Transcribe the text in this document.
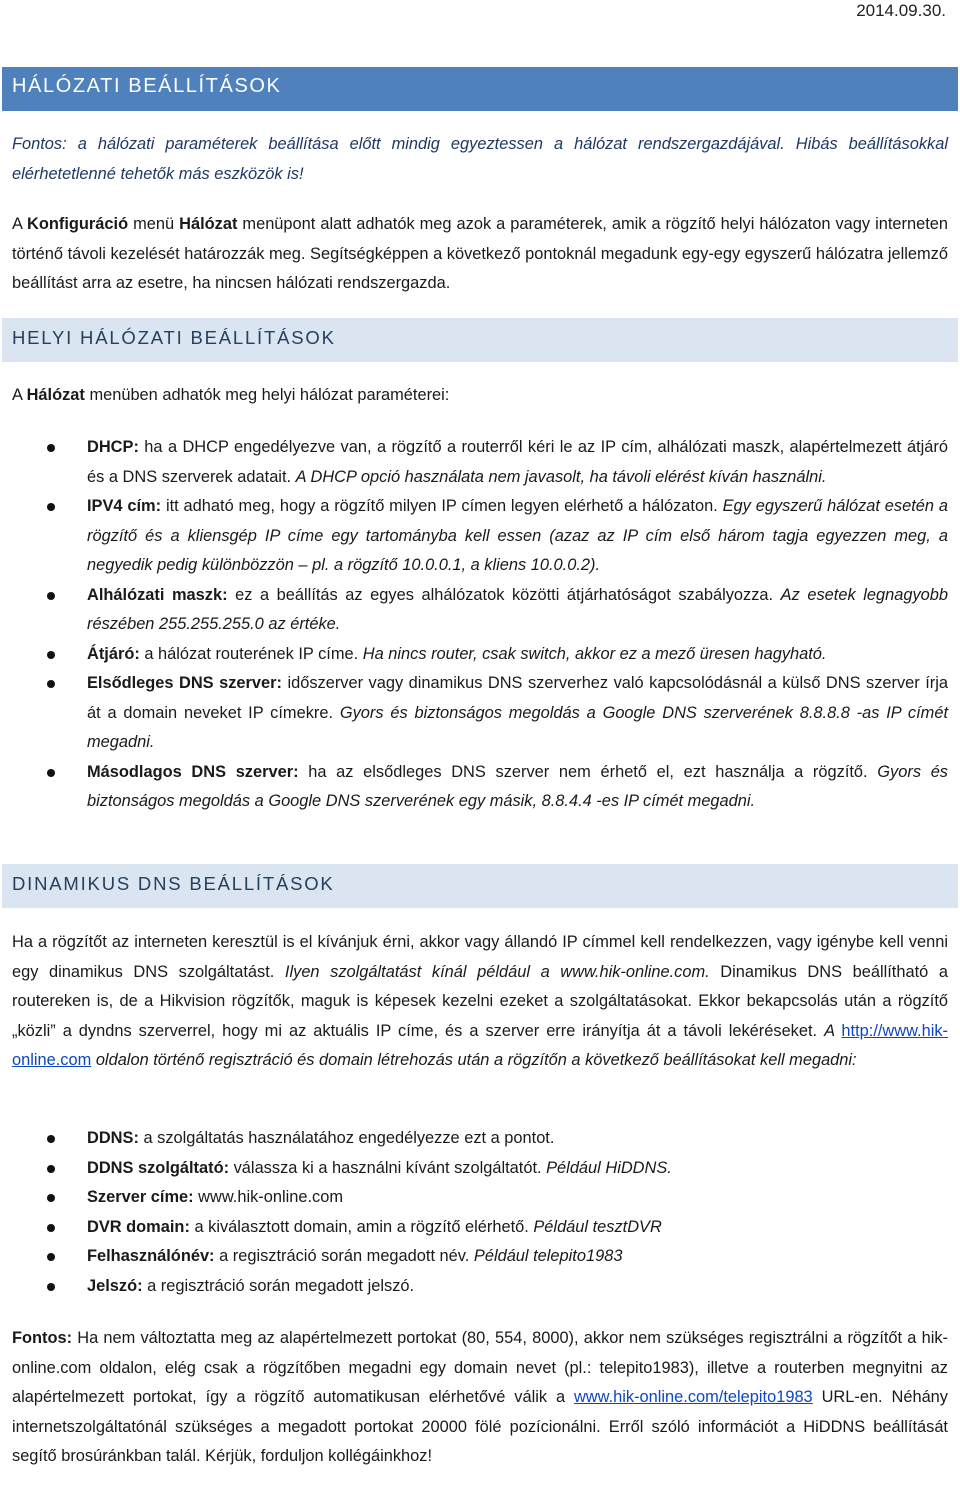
2014.09.30.
HÁLÓZATI BEÁLLÍTÁSOK

Fontos: a hálózati paraméterek beállítása előtt mindig egyeztessen a hálózat rendszergazdájával. Hibás beállításokkal elérhetetlenné tehetők más eszközök is!

A Konfiguráció menü Hálózat menüpont alatt adhatók meg azok a paraméterek, amik a rögzítő helyi hálózaton vagy interneten történő távoli kezelését határozzák meg. Segítségképpen a következő pontoknál megadunk egy-egy egyszerű hálózatra jellemző beállítást arra az esetre, ha nincsen hálózati rendszergazda.

HELYI HÁLÓZATI BEÁLLÍTÁSOK

A Hálózat menüben adhatók meg helyi hálózat paraméterei:

DHCP: ha a DHCP engedélyezve van, a rögzítő a routerről kéri le az IP cím, alhálózati maszk, alapértelmezett átjáró és a DNS szerverek adatait. A DHCP opció használata nem javasolt, ha távoli elérést kíván használni.
IPV4 cím: itt adható meg, hogy a rögzítő milyen IP címen legyen elérhető a hálózaton. Egy egyszerű hálózat esetén a rögzítő és a kliensgép IP címe egy tartományba kell essen (azaz az IP cím első három tagja egyezzen meg, a negyedik pedig különbözzön – pl. a rögzítő 10.0.0.1, a kliens 10.0.0.2).
Alhálózati maszk: ez a beállítás az egyes alhálózatok közötti átjárhatóságot szabályozza. Az esetek legnagyobb részében 255.255.255.0 az értéke.
Átjáró: a hálózat routerének IP címe. Ha nincs router, csak switch, akkor ez a mező üresen hagyható.
Elsődleges DNS szerver: időszerver vagy dinamikus DNS szerverhez való kapcsolódásnál a külső DNS szerver írja át a domain neveket IP címekre. Gyors és biztonságos megoldás a Google DNS szerverének 8.8.8.8 -as IP címét megadni.
Másodlagos DNS szerver: ha az elsődleges DNS szerver nem érhető el, ezt használja a rögzítő. Gyors és biztonságos megoldás a Google DNS szerverének egy másik, 8.8.4.4 -es IP címét megadni.
DINAMIKUS DNS BEÁLLÍTÁSOK

Ha a rögzítőt az interneten keresztül is el kívánjuk érni, akkor vagy állandó IP címmel kell rendelkezzen, vagy igénybe kell venni egy dinamikus DNS szolgáltatást. Ilyen szolgáltatást kínál például a www.hik-online.com. Dinamikus DNS beállítható a routereken is, de a Hikvision rögzítők, maguk is képesek kezelni ezeket a szolgáltatásokat. Ekkor bekapcsolás után a rögzítő „közli” a dyndns szerverrel, hogy mi az aktuális IP címe, és a szerver erre irányítja át a távoli lekéréseket. A http://www.hik-online.com oldalon történő regisztráció és domain létrehozás után a rögzítőn a következő beállításokat kell megadni:

DDNS: a szolgáltatás használatához engedélyezze ezt a pontot.
DDNS szolgáltató: válassza ki a használni kívánt szolgáltatót. Például HiDDNS.
Szerver címe: www.hik-online.com
DVR domain: a kiválasztott domain, amin a rögzítő elérhető. Például tesztDVR
Felhasználónév: a regisztráció során megadott név. Például telepito1983
Jelszó: a regisztráció során megadott jelszó.

Fontos: Ha nem változtatta meg az alapértelmezett portokat (80, 554, 8000), akkor nem szükséges regisztrálni a rögzítőt a hik-online.com oldalon, elég csak a rögzítőben megadni egy domain nevet (pl.: telepito1983), illetve a routerben megnyitni az alapértelmezett portokat, így a rögzítő automatikusan elérhetővé válik a www.hik-online.com/telepito1983 URL-en. Néhány internetszolgáltatónál szükséges a megadott portokat 20000 fölé pozícionálni. Erről szóló információt a HiDDNS beállítását segítő brosúránkban talál. Kérjük, forduljon kollégáinkhoz!
